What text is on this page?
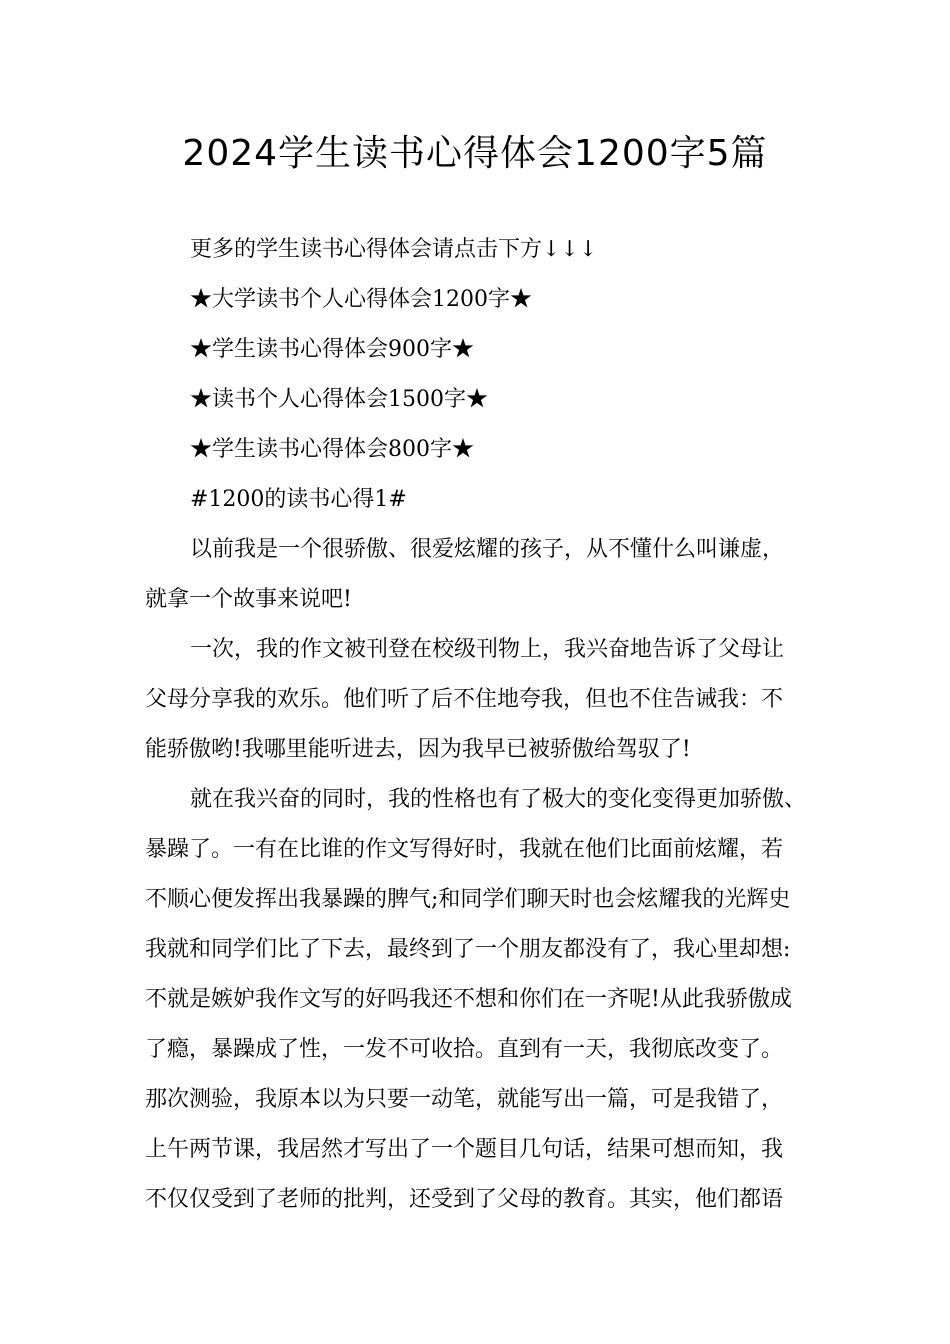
2024学生读书心得体会1200字5篇
更多的学生读书心得体会请点击下方↓↓↓
★大学读书个人心得体会1200字★
★学生读书心得体会900字★
★读书个人心得体会1500字★
★学生读书心得体会800字★
#1200的读书心得1#
以前我是一个很骄傲、很爱炫耀的孩子，从不懂什么叫谦虚，
就拿一个故事来说吧!
一次，我的作文被刊登在校级刊物上，我兴奋地告诉了父母让
父母分享我的欢乐。他们听了后不住地夸我，但也不住告诫我：不
能骄傲哟!我哪里能听进去，因为我早已被骄傲给驾驭了!
就在我兴奋的同时，我的性格也有了极大的变化变得更加骄傲、
暴躁了。一有在比谁的作文写得好时，我就在他们比面前炫耀，若
不顺心便发挥出我暴躁的脾气;和同学们聊天时也会炫耀我的光辉史
我就和同学们比了下去，最终到了一个朋友都没有了，我心里却想:
不就是嫉妒我作文写的好吗我还不想和你们在一齐呢!从此我骄傲成
了瘾，暴躁成了性，一发不可收拾。直到有一天，我彻底改变了。
那次测验，我原本以为只要一动笔，就能写出一篇，可是我错了，
上午两节课，我居然才写出了一个题目几句话，结果可想而知，我
不仅仅受到了老师的批判，还受到了父母的教育。其实，他们都语
